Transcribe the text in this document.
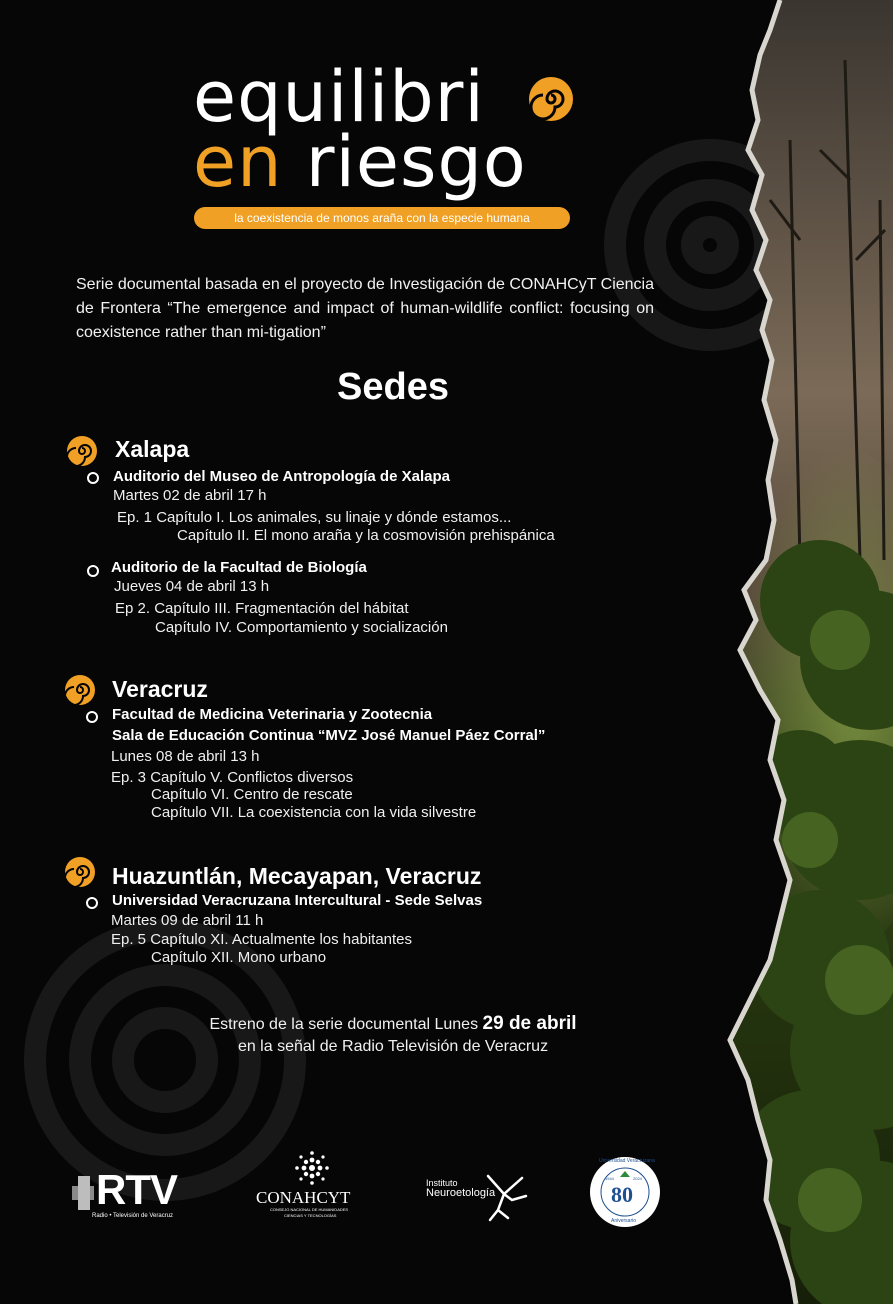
equilibri
en riesgo
la coexistencia de monos araña con la especie humana
Serie documental basada en el proyecto de Investigación de CONAHCyT Ciencia de Frontera “The emergence and impact of human-wildlife conflict: focusing on coexistence rather than mi-tigation”
Sedes
Xalapa
Auditorio del Museo de Antropología de Xalapa
Martes 02 de abril 17 h
Ep. 1 Capítulo I. Los animales, su linaje y dónde estamos...
Capítulo II. El mono araña y la cosmovisión prehispánica
Auditorio de la Facultad de Biología
Jueves 04 de abril 13 h
Ep 2. Capítulo III. Fragmentación del hábitat
Capítulo IV. Comportamiento y socialización
Veracruz
Facultad de Medicina Veterinaria y Zootecnia
Sala de Educación Continua “MVZ José Manuel Páez Corral”
Lunes 08 de abril 13 h
Ep. 3 Capítulo V. Conflictos diversos
Capítulo VI. Centro de rescate
Capítulo VII. La coexistencia con la vida silvestre
Huazuntlán, Mecayapan, Veracruz
Universidad Veracruzana Intercultural - Sede Selvas
Martes 09 de abril 11 h
Ep. 5 Capítulo XI. Actualmente los habitantes
Capítulo XII. Mono urbano
Estreno de la serie documental Lunes 29 de abril
en la señal de Radio Televisión de Veracruz
RTV
Radio • Televisión de Veracruz
CONAHCYT
CONSEJO NACIONAL DE HUMANIDADES
CIENCIAS Y TECNOLOGÍAS
Instituto
Neuroetología
Universidad Veracruzana
1944	2024
80
Aniversario
